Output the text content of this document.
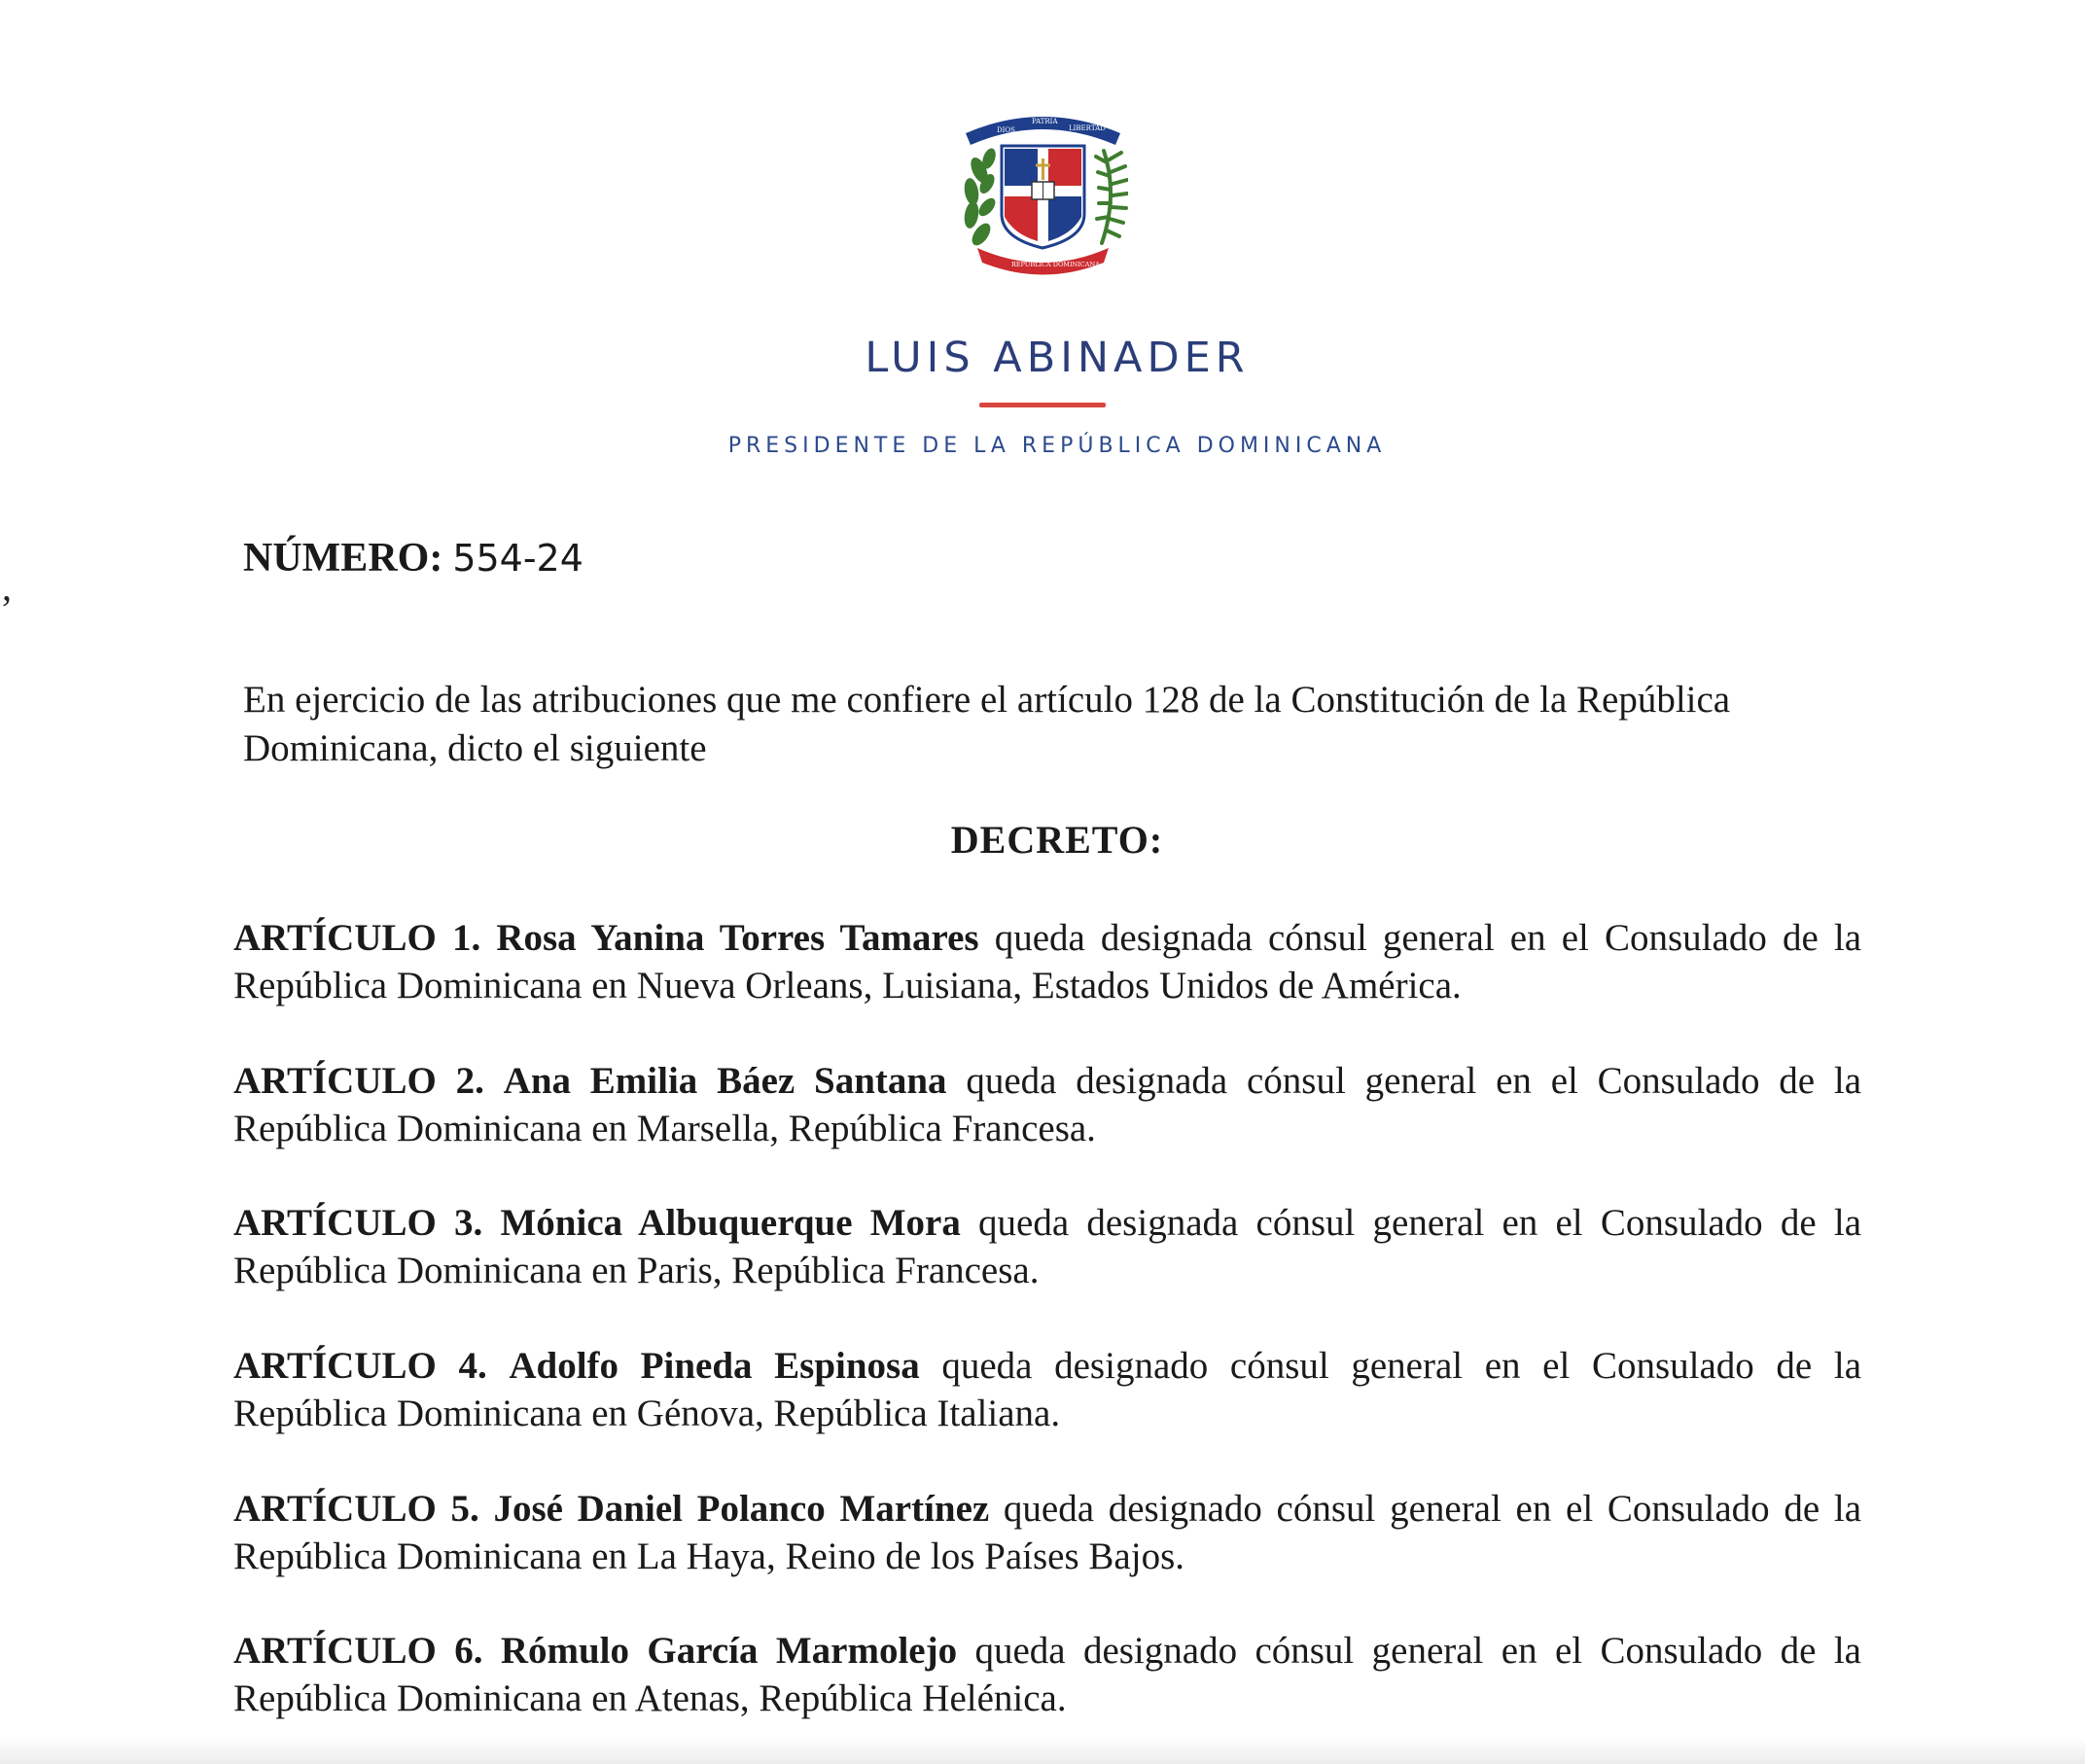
DIOS
PATRIA
LIBERTAD
REPÚBLICA DOMINICANA
LUIS ABINADER
PRESIDENTE DE LA REPÚBLICA DOMINICANA
,
NÚMERO: 554-24

En ejercicio de las atribuciones que me confiere el artículo 128 de la Constitución de la República Dominicana, dicto el siguiente

DECRETO:

ARTÍCULO 1. Rosa Yanina Torres Tamares queda designada cónsul general en el Consulado de la República Dominicana en Nueva Orleans, Luisiana, Estados Unidos de América.

ARTÍCULO 2. Ana Emilia Báez Santana queda designada cónsul general en el Consulado de la República Dominicana en Marsella, República Francesa.

ARTÍCULO 3. Mónica Albuquerque Mora queda designada cónsul general en el Consulado de la República Dominicana en Paris, República Francesa.

ARTÍCULO 4. Adolfo Pineda Espinosa queda designado cónsul general en el Consulado de la República Dominicana en Génova, República Italiana.

ARTÍCULO 5. José Daniel Polanco Martínez queda designado cónsul general en el Consulado de la República Dominicana en La Haya, Reino de los Países Bajos.

ARTÍCULO 6. Rómulo García Marmolejo queda designado cónsul general en el Consulado de la República Dominicana en Atenas, República Helénica.
